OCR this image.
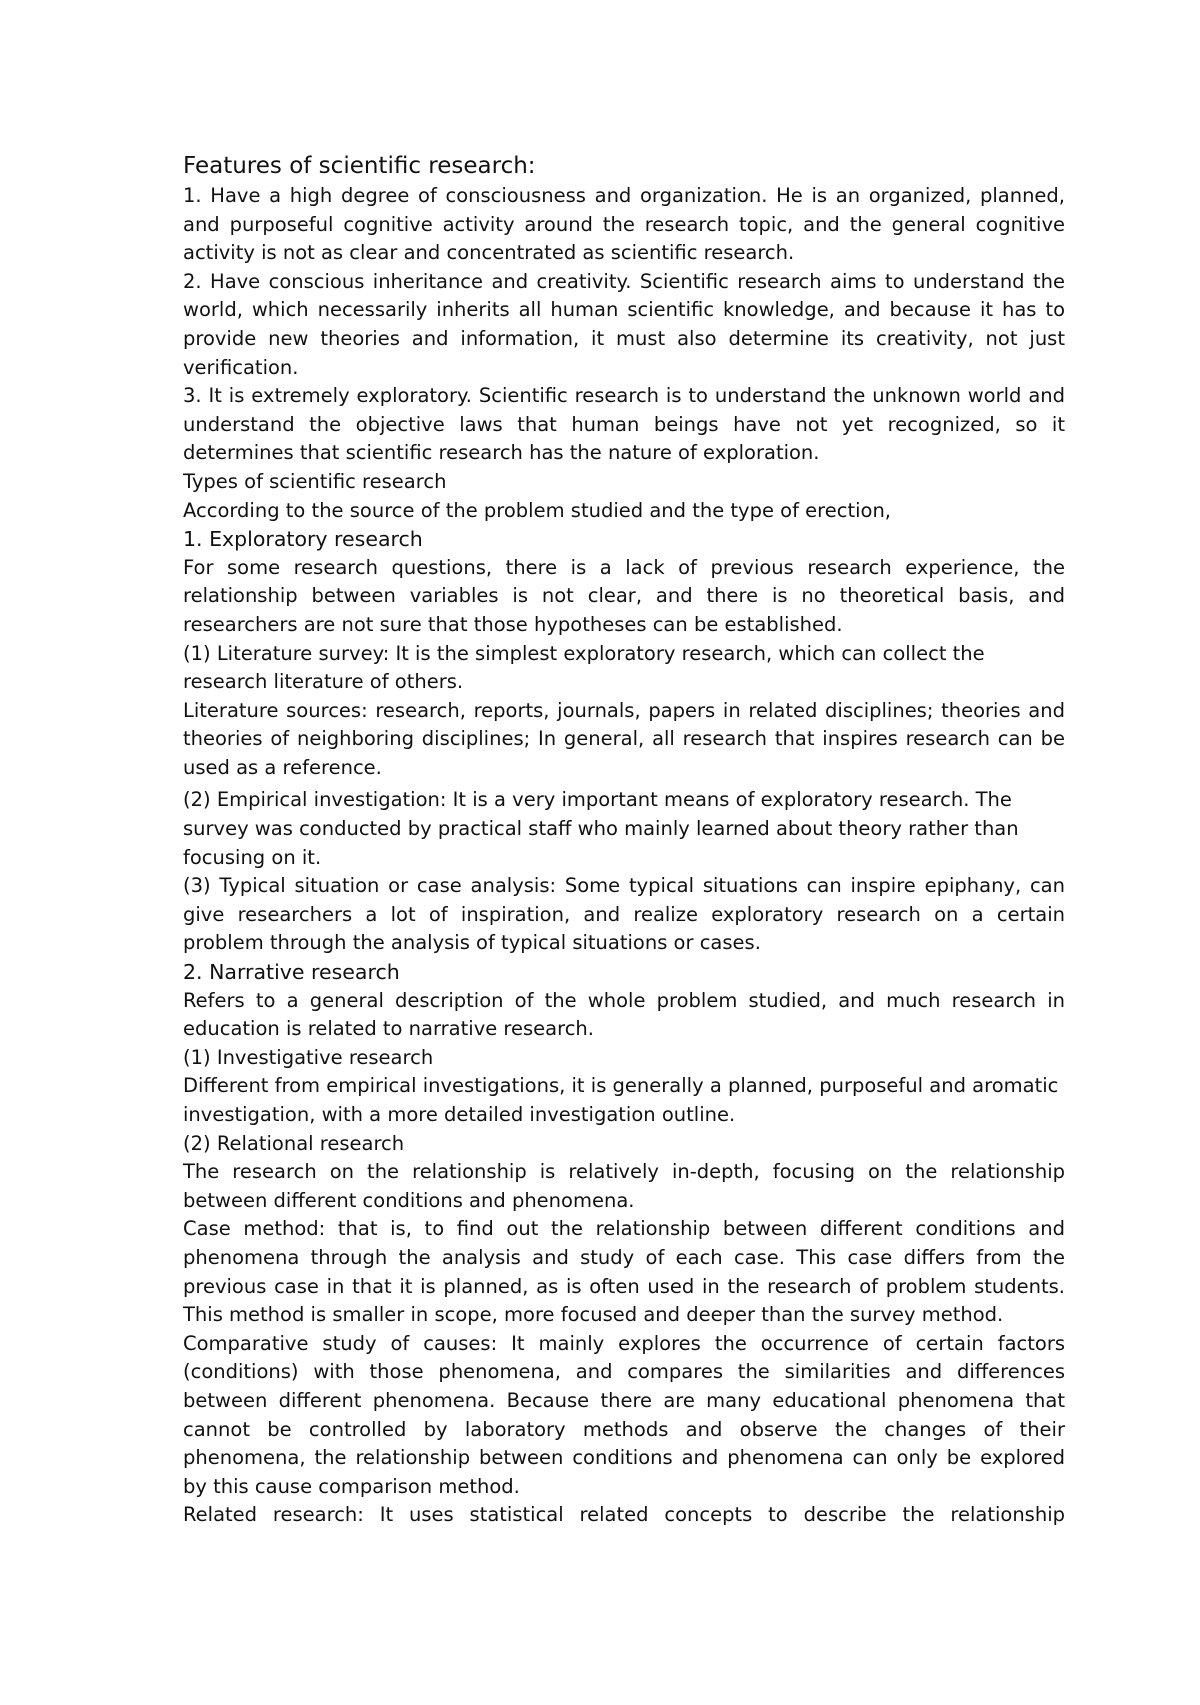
Features of scientific research:

1. Have a high degree of consciousness and organization. He is an organized, planned, and purposeful cognitive activity around the research topic, and the general cognitive activity is not as clear and concentrated as scientific research.

2. Have conscious inheritance and creativity. Scientific research aims to understand the world, which necessarily inherits all human scientific knowledge, and because it has to provide new theories and information, it must also determine its creativity, not just verification.

3. It is extremely exploratory. Scientific research is to understand the unknown world and understand the objective laws that human beings have not yet recognized, so it determines that scientific research has the nature of exploration.

Types of scientific research

According to the source of the problem studied and the type of erection,

1. Exploratory research

For some research questions, there is a lack of previous research experience, the relationship between variables is not clear, and there is no theoretical basis, and researchers are not sure that those hypotheses can be established.

(1) Literature survey: It is the simplest exploratory research, which can collect the research literature of others.

Literature sources: research, reports, journals, papers in related disciplines; theories and theories of neighboring disciplines; In general, all research that inspires research can be used as a reference.

(2) Empirical investigation: It is a very important means of exploratory research. The survey was conducted by practical staff who mainly learned about theory rather than focusing on it.

(3) Typical situation or case analysis: Some typical situations can inspire epiphany, can give researchers a lot of inspiration, and realize exploratory research on a certain problem through the analysis of typical situations or cases.

2. Narrative research

Refers to a general description of the whole problem studied, and much research in education is related to narrative research.

(1) Investigative research

Different from empirical investigations, it is generally a planned, purposeful and aromatic investigation, with a more detailed investigation outline.

(2) Relational research

The research on the relationship is relatively in-depth, focusing on the relationship between different conditions and phenomena.

Case method: that is, to find out the relationship between different conditions and phenomena through the analysis and study of each case. This case differs from the previous case in that it is planned, as is often used in the research of problem students. This method is smaller in scope, more focused and deeper than the survey method.

Comparative study of causes: It mainly explores the occurrence of certain factors (conditions) with those phenomena, and compares the similarities and differences between different phenomena. Because there are many educational phenomena that cannot be controlled by laboratory methods and observe the changes of their phenomena, the relationship between conditions and phenomena can only be explored by this cause comparison method.

Related research: It uses statistical related concepts to describe the relationship
